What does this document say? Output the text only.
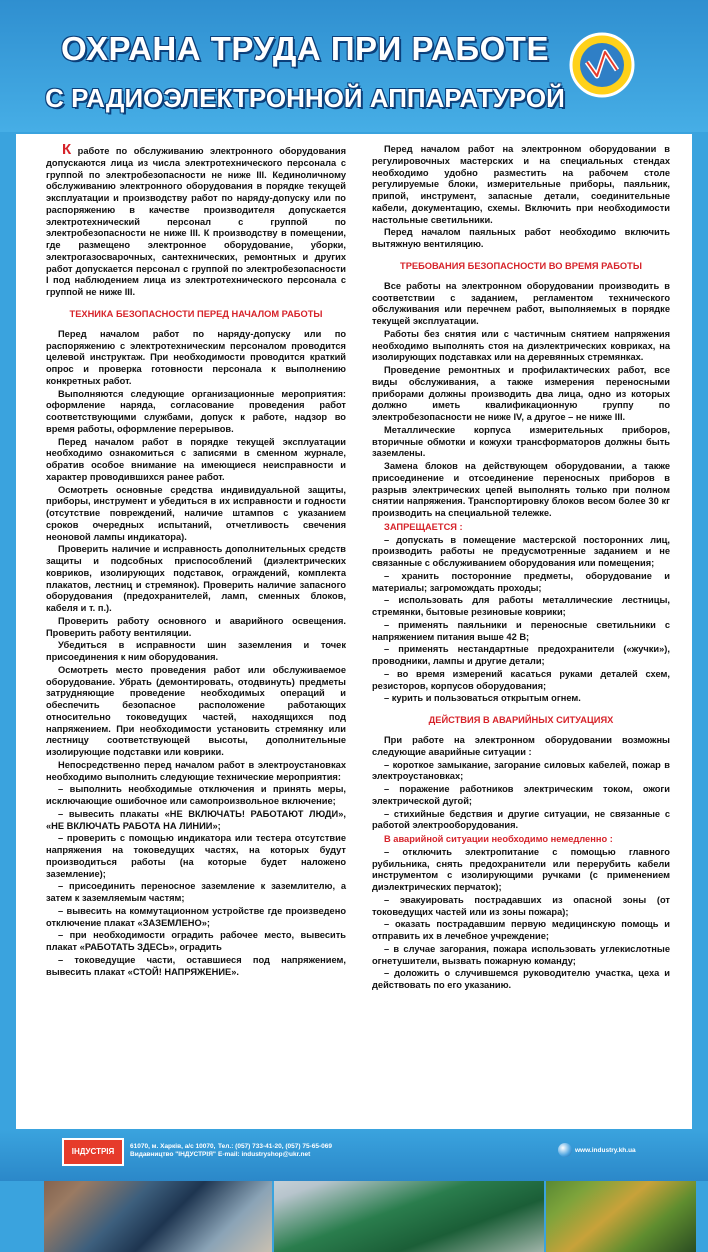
ОХРАНА ТРУДА ПРИ РАБОТЕ
С РАДИОЭЛЕКТРОННОЙ АППАРАТУРОЙ

К работе по обслуживанию электронного оборудования допускаются лица из числа электротехнического персонала с группой по электробезопасности не ниже III. Кединоличному обслуживанию электронного оборудования в порядке текущей эксплуатации и производству работ по наряду-допуску или по распоряжению в качестве производителя допускается электротехнический персонал с группой по электробезопасности не ниже III. К производству в помещении, где размещено электронное оборудование, уборки, электрогазосварочных, сантехнических, ремонтных и других работ допускается персонал с группой по электробезопасности I под наблюдением лица из электротехнического персонала с группой не ниже III.

ТЕХНИКА БЕЗОПАСНОСТИ ПЕРЕД НАЧАЛОМ РАБОТЫ

Перед началом работ по наряду-допуску или по распоряжению с электротехническим персоналом проводится целевой инструктаж. При необходимости проводится краткий опрос и проверка готовности персонала к выполнению конкретных работ.

Выполняются следующие организационные мероприятия: оформление наряда, согласование проведения работ соответствующими службами, допуск к работе, надзор во время работы, оформление перерывов.

Перед началом работ в порядке текущей эксплуатации необходимо ознакомиться с записями в сменном журнале, обратив особое внимание на имеющиеся неисправности и характер проводившихся ранее работ.

Осмотреть основные средства индивидуальной защиты, приборы, инструмент и убедиться в их исправности и годности (отсутствие повреждений, наличие штампов с указанием сроков очередных испытаний, отчетливость свечения неоновой лампы индикатора).

Проверить наличие и исправность дополнительных средств защиты и подсобных приспособлений (диэлектрических ковриков, изолирующих подставок, ограждений, комплекта плакатов, лестниц и стремянок). Проверить наличие запасного оборудования (предохранителей, ламп, сменных блоков, кабеля и т. п.).

Проверить работу основного и аварийного освещения. Проверить работу вентиляции.

Убедиться в исправности шин заземления и точек присоединения к ним оборудования.

Осмотреть место проведения работ или обслуживаемое оборудование. Убрать (демонтировать, отодвинуть) предметы затрудняющие проведение необходимых операций и обеспечить безопасное расположение работающих относительно токоведущих частей, находящихся под напряжением. При необходимости установить стремянку или лестницу соответствующей высоты, дополнительные изолирующие подставки или коврики.

Непосредственно перед началом работ в электроустановках необходимо выполнить следующие технические мероприятия:

– выполнить необходимые отключения и принять меры, исключающие ошибочное или самопроизвольное включение;

– вывесить плакаты «НЕ ВКЛЮЧАТЬ! РАБОТАЮТ ЛЮДИ», «НЕ ВКЛЮЧАТЬ РАБОТА НА ЛИНИИ»;

– проверить с помощью индикатора или тестера отсутствие напряжения на токоведущих частях, на которых будут производиться работы (на которые будет наложено заземление);

– присоединить переносное заземление к заземлителю, а затем к заземляемым частям;

– вывесить на коммутационном устройстве где произведено отключение плакат «ЗАЗЕМЛЕНО»;

– при необходимости оградить рабочее место, вывесить плакат «РАБОТАТЬ ЗДЕСЬ», оградить

– токоведущие части, оставшиеся под напряжением, вывесить плакат «СТОЙ! НАПРЯЖЕНИЕ».

Перед началом работ на электронном оборудовании в регулировочных мастерских и на специальных стендах необходимо удобно разместить на рабочем столе регулируемые блоки, измерительные приборы, паяльник, припой, инструмент, запасные детали, соединительные кабели, документацию, схемы. Включить при необходимости настольные светильники.

Перед началом паяльных работ необходимо включить вытяжную вентиляцию.

ТРЕБОВАНИЯ БЕЗОПАСНОСТИ ВО ВРЕМЯ РАБОТЫ

Все работы на электронном оборудовании производить в соответствии с заданием, регламентом технического обслуживания или перечнем работ, выполняемых в порядке текущей эксплуатации.

Работы без снятия или с частичным снятием напряжения необходимо выполнять стоя на диэлектрических ковриках, на изолирующих подставках или на деревянных стремянках.

Проведение ремонтных и профилактических работ, все виды обслуживания, а также измерения переносными приборами должны производить два лица, одно из которых должно иметь квалификационную группу по электробезопасности не ниже IV, а другое – не ниже III.

Металлические корпуса измерительных приборов, вторичные обмотки и кожухи трансформаторов должны быть заземлены.

Замена блоков на действующем оборудовании, а также присоединение и отсоединение переносных приборов в разрыв электрических цепей выполнять только при полном снятии напряжения. Транспортировку блоков весом более 30 кг производить на специальной тележке.

ЗАПРЕЩАЕТСЯ :

– допускать в помещение мастерской посторонних лиц, производить работы не предусмотренные заданием и не связанные с обслуживанием оборудования или помещения;

– хранить посторонние предметы, оборудование и материалы; загромождать проходы;

– использовать для работы металлические лестницы, стремянки, бытовые резиновые коврики;

– применять паяльники и переносные светильники с напряжением питания выше 42 В;

– применять нестандартные предохранители («жучки»), проводники, лампы и другие детали;

– во время измерений касаться руками деталей схем, резисторов, корпусов оборудования;

– курить и пользоваться открытым огнем.

ДЕЙСТВИЯ В АВАРИЙНЫХ СИТУАЦИЯХ

При работе на электронном оборудовании возможны следующие аварийные ситуации :

– короткое замыкание, загорание силовых кабелей, пожар в электроустановках;

– поражение работников электрическим током, ожоги электрической дугой;

– стихийные бедствия и другие ситуации, не связанные с работой электрооборудования.

В аварийной ситуации необходимо немедленно :

– отключить электропитание с помощью главного рубильника, снять предохранители или перерубить кабели инструментом с изолирующими ручками (с применением диэлектрических перчаток);

– эвакуировать пострадавших из опасной зоны (от токоведущих частей или из зоны пожара);

– оказать пострадавшим первую медицинскую помощь и отправить их в лечебное учреждение;

– в случае загорания, пожара использовать углекислотные огнетушители, вызвать пожарную команду;

– доложить о случившемся руководителю участка, цеха и действовать по его указанию.

industry.kh.ua
ІНДУСТРІЯ
61070, м. Харків, а/с 10070,
Видавництво "ІНДУСТРІЯ"
Тел.: (057) 733-41-20, (057) 75-65-069
E-mail: industryshop@ukr.net
www.industry.kh.ua
